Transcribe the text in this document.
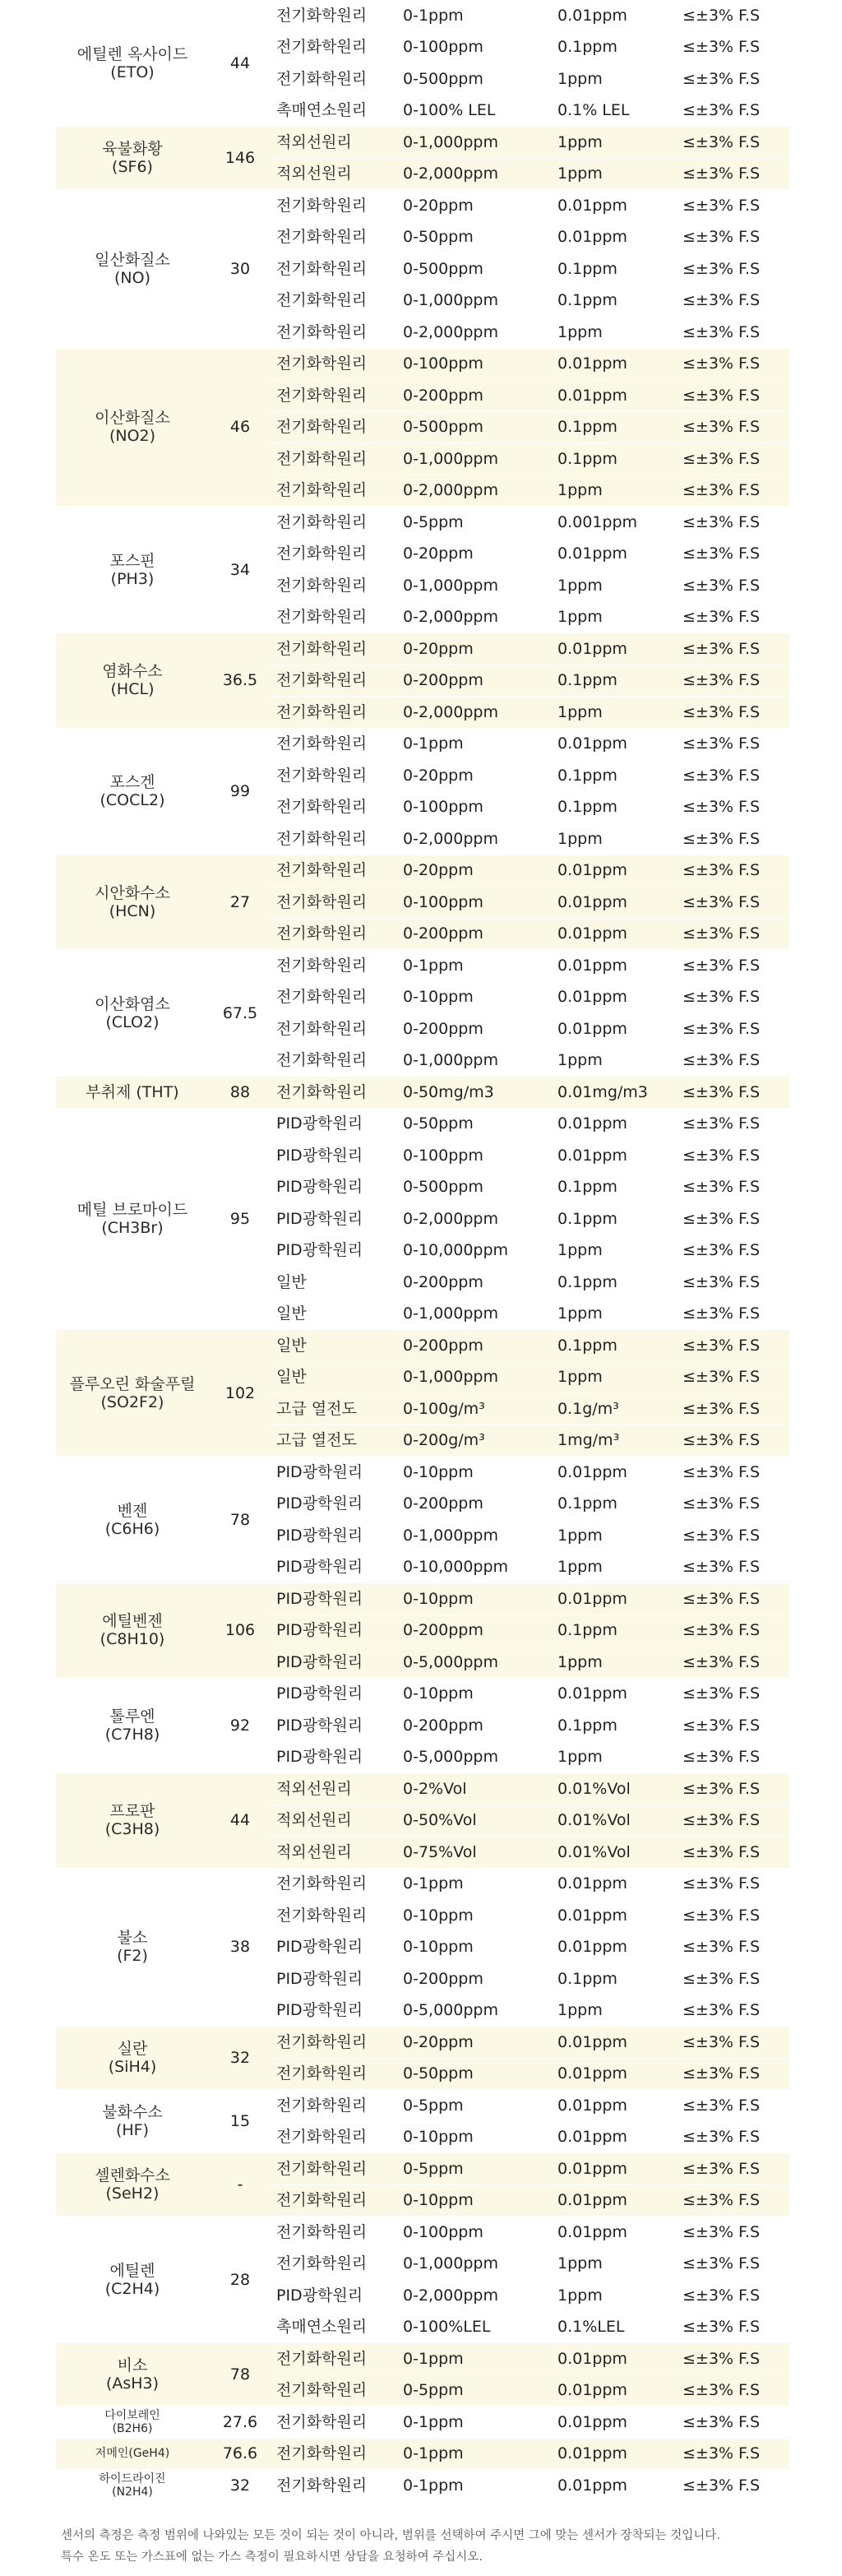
에틸렌 옥사이드
(ETO)	44	전기화학원리	0-1ppm	0.01ppm	≤±3% F.S
		전기화학원리	0-100ppm	0.1ppm	≤±3% F.S
		전기화학원리	0-500ppm	1ppm	≤±3% F.S
		촉매연소원리	0-100% LEL	0.1% LEL	≤±3% F.S
육불화황
(SF6)	146	적외선원리	0-1,000ppm	1ppm	≤±3% F.S
		적외선원리	0-2,000ppm	1ppm	≤±3% F.S
일산화질소
(NO)	30	전기화학원리	0-20ppm	0.01ppm	≤±3% F.S
		전기화학원리	0-50ppm	0.01ppm	≤±3% F.S
		전기화학원리	0-500ppm	0.1ppm	≤±3% F.S
		전기화학원리	0-1,000ppm	0.1ppm	≤±3% F.S
		전기화학원리	0-2,000ppm	1ppm	≤±3% F.S
이산화질소
(NO2)	46	전기화학원리	0-100ppm	0.01ppm	≤±3% F.S
		전기화학원리	0-200ppm	0.01ppm	≤±3% F.S
		전기화학원리	0-500ppm	0.1ppm	≤±3% F.S
		전기화학원리	0-1,000ppm	0.1ppm	≤±3% F.S
		전기화학원리	0-2,000ppm	1ppm	≤±3% F.S
포스핀
(PH3)	34	전기화학원리	0-5ppm	0.001ppm	≤±3% F.S
		전기화학원리	0-20ppm	0.01ppm	≤±3% F.S
		전기화학원리	0-1,000ppm	1ppm	≤±3% F.S
		전기화학원리	0-2,000ppm	1ppm	≤±3% F.S
염화수소
(HCL)	36.5	전기화학원리	0-20ppm	0.01ppm	≤±3% F.S
		전기화학원리	0-200ppm	0.1ppm	≤±3% F.S
		전기화학원리	0-2,000ppm	1ppm	≤±3% F.S
포스겐
(COCL2)	99	전기화학원리	0-1ppm	0.01ppm	≤±3% F.S
		전기화학원리	0-20ppm	0.1ppm	≤±3% F.S
		전기화학원리	0-100ppm	0.1ppm	≤±3% F.S
		전기화학원리	0-2,000ppm	1ppm	≤±3% F.S
시안화수소
(HCN)	27	전기화학원리	0-20ppm	0.01ppm	≤±3% F.S
		전기화학원리	0-100ppm	0.01ppm	≤±3% F.S
		전기화학원리	0-200ppm	0.01ppm	≤±3% F.S
이산화염소
(CLO2)	67.5	전기화학원리	0-1ppm	0.01ppm	≤±3% F.S
		전기화학원리	0-10ppm	0.01ppm	≤±3% F.S
		전기화학원리	0-200ppm	0.01ppm	≤±3% F.S
		전기화학원리	0-1,000ppm	1ppm	≤±3% F.S
부취제 (THT)	88	전기화학원리	0-50mg/m3	0.01mg/m3	≤±3% F.S
메틸 브로마이드
(CH3Br)	95	PID광학원리	0-50ppm	0.01ppm	≤±3% F.S
		PID광학원리	0-100ppm	0.01ppm	≤±3% F.S
		PID광학원리	0-500ppm	0.1ppm	≤±3% F.S
		PID광학원리	0-2,000ppm	0.1ppm	≤±3% F.S
		PID광학원리	0-10,000ppm	1ppm	≤±3% F.S
		일반	0-200ppm	0.1ppm	≤±3% F.S
		일반	0-1,000ppm	1ppm	≤±3% F.S
플루오린 화술푸릴
(SO2F2)	102	일반	0-200ppm	0.1ppm	≤±3% F.S
		일반	0-1,000ppm	1ppm	≤±3% F.S
		고급 열전도	0-100g/m³	0.1g/m³	≤±3% F.S
		고급 열전도	0-200g/m³	1mg/m³	≤±3% F.S
벤젠
(C6H6)	78	PID광학원리	0-10ppm	0.01ppm	≤±3% F.S
		PID광학원리	0-200ppm	0.1ppm	≤±3% F.S
		PID광학원리	0-1,000ppm	1ppm	≤±3% F.S
		PID광학원리	0-10,000ppm	1ppm	≤±3% F.S
에틸벤젠
(C8H10)	106	PID광학원리	0-10ppm	0.01ppm	≤±3% F.S
		PID광학원리	0-200ppm	0.1ppm	≤±3% F.S
		PID광학원리	0-5,000ppm	1ppm	≤±3% F.S
톨루엔
(C7H8)	92	PID광학원리	0-10ppm	0.01ppm	≤±3% F.S
		PID광학원리	0-200ppm	0.1ppm	≤±3% F.S
		PID광학원리	0-5,000ppm	1ppm	≤±3% F.S
프로판
(C3H8)	44	적외선원리	0-2%Vol	0.01%Vol	≤±3% F.S
		적외선원리	0-50%Vol	0.01%Vol	≤±3% F.S
		적외선원리	0-75%Vol	0.01%Vol	≤±3% F.S
불소
(F2)	38	전기화학원리	0-1ppm	0.01ppm	≤±3% F.S
		전기화학원리	0-10ppm	0.01ppm	≤±3% F.S
		PID광학원리	0-10ppm	0.01ppm	≤±3% F.S
		PID광학원리	0-200ppm	0.1ppm	≤±3% F.S
		PID광학원리	0-5,000ppm	1ppm	≤±3% F.S
실란
(SiH4)	32	전기화학원리	0-20ppm	0.01ppm	≤±3% F.S
		전기화학원리	0-50ppm	0.01ppm	≤±3% F.S
불화수소
(HF)	15	전기화학원리	0-5ppm	0.01ppm	≤±3% F.S
		전기화학원리	0-10ppm	0.01ppm	≤±3% F.S
셀렌화수소
(SeH2)	-	전기화학원리	0-5ppm	0.01ppm	≤±3% F.S
		전기화학원리	0-10ppm	0.01ppm	≤±3% F.S
에틸렌
(C2H4)	28	전기화학원리	0-100ppm	0.01ppm	≤±3% F.S
		전기화학원리	0-1,000ppm	1ppm	≤±3% F.S
		PID광학원리	0-2,000ppm	1ppm	≤±3% F.S
		촉매연소원리	0-100%LEL	0.1%LEL	≤±3% F.S
비소
(AsH3)	78	전기화학원리	0-1ppm	0.01ppm	≤±3% F.S
		전기화학원리	0-5ppm	0.01ppm	≤±3% F.S
다이보레인
(B2H6)	27.6	전기화학원리	0-1ppm	0.01ppm	≤±3% F.S
저메인(GeH4)	76.6	전기화학원리	0-1ppm	0.01ppm	≤±3% F.S
하이드라이진
(N2H4)	32	전기화학원리	0-1ppm	0.01ppm	≤±3% F.S
센서의 측정은 측정 범위에 나와있는 모든 것이 되는 것이 아니라, 범위를 선택하여 주시면 그에 맞는 센서가 장착되는 것입니다.
특수 온도 또는 가스표에 없는 가스 측정이 필요하시면 상담을 요청하여 주십시오.
